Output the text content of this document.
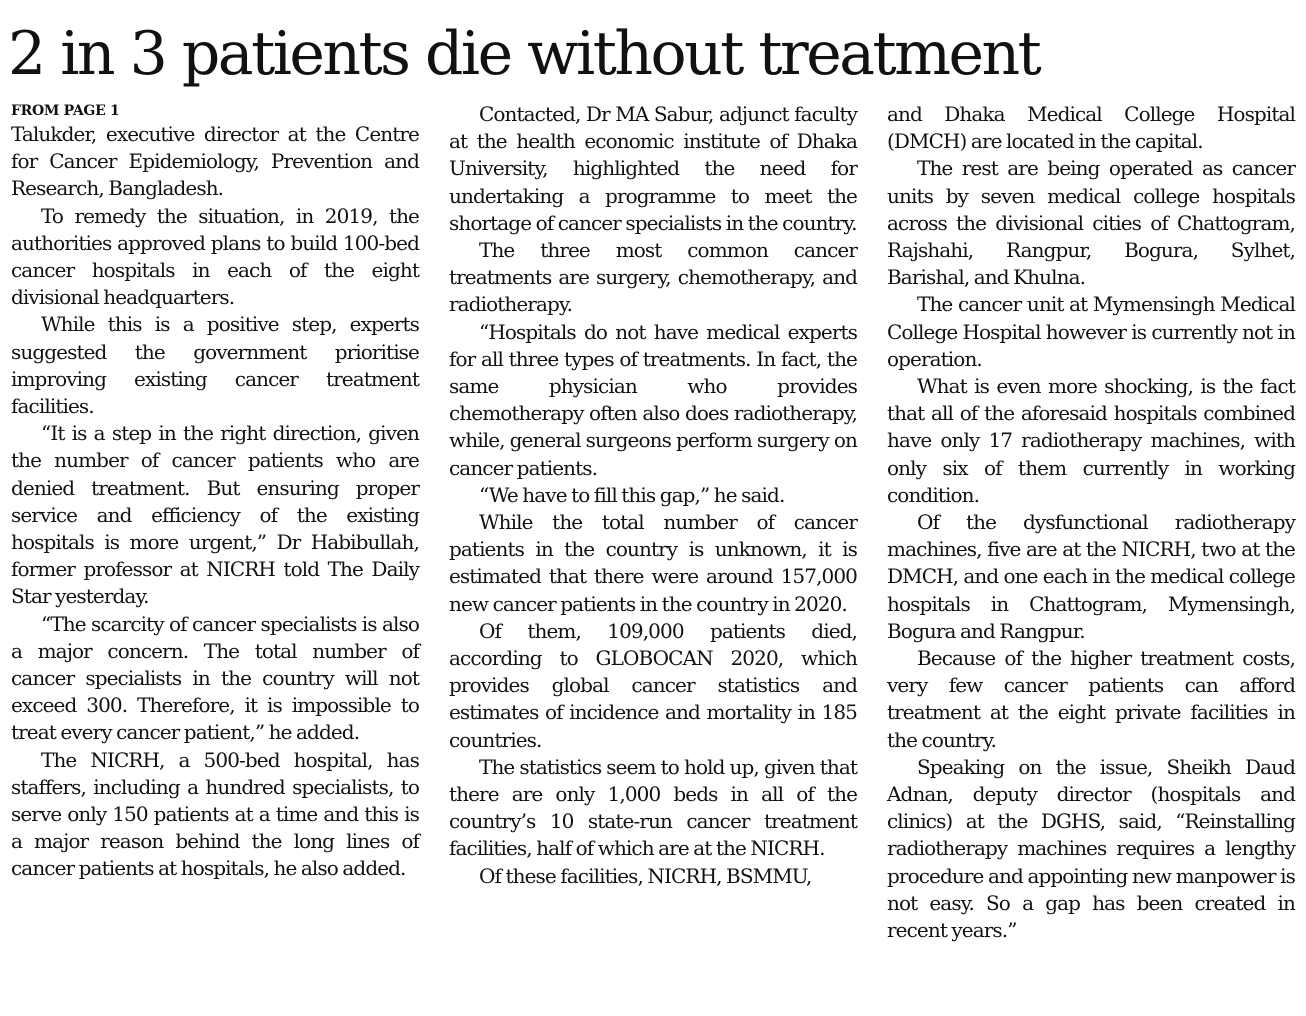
2 in 3 patients die without treatment
FROM PAGE 1

Talukder, executive director at the Centre for Cancer Epidemiology, Prevention and Research, Bangladesh.

To remedy the situation, in 2019, the authorities approved plans to build 100-bed cancer hospitals in each of the eight divisional headquarters.

While this is a positive step, experts suggested the government prioritise improving existing cancer treatment facilities.

“It is a step in the right direction, given the number of cancer patients who are denied treatment. But ensuring proper service and efficiency of the existing hospitals is more urgent,” Dr Habibullah, former professor at NICRH told The Daily Star yesterday.

“The scarcity of cancer specialists is also a major concern. The total number of cancer specialists in the country will not exceed 300. Therefore, it is impossible to treat every cancer patient,” he added.

The NICRH, a 500-bed hospital, has staffers, including a hundred specialists, to serve only 150 patients at a time and this is a major reason behind the long lines of cancer patients at hospitals, he also added.

Contacted, Dr MA Sabur, adjunct faculty at the health economic institute of Dhaka University, highlighted the need for undertaking a programme to meet the shortage of cancer specialists in the country.

The three most common cancer treatments are surgery, chemotherapy, and radiotherapy.

“Hospitals do not have medical experts for all three types of treatments. In fact, the same physician who provides chemotherapy often also does radiotherapy, while, general surgeons perform surgery on cancer patients.

“We have to fill this gap,” he said.

While the total number of cancer patients in the country is unknown, it is estimated that there were around 157,000 new cancer patients in the country in 2020.

Of them, 109,000 patients died, according to GLOBOCAN 2020, which provides global cancer statistics and estimates of incidence and mortality in 185 countries.

The statistics seem to hold up, given that there are only 1,000 beds in all of the country’s 10 state-run cancer treatment facilities, half of which are at the NICRH.

Of these facilities, NICRH, BSMMU,

and Dhaka Medical College Hospital (DMCH) are located in the capital.

The rest are being operated as cancer units by seven medical college hospitals across the divisional cities of Chattogram, Rajshahi, Rangpur, Bogura, Sylhet, Barishal, and Khulna.

The cancer unit at Mymensingh Medical College Hospital however is currently not in operation.

What is even more shocking, is the fact that all of the aforesaid hospitals combined have only 17 radiotherapy machines, with only six of them currently in working condition.

Of the dysfunctional radiotherapy machines, five are at the NICRH, two at the DMCH, and one each in the medical college hospitals in Chattogram, Mymensingh, Bogura and Rangpur.

Because of the higher treatment costs, very few cancer patients can afford treatment at the eight private facilities in the country.

Speaking on the issue, Sheikh Daud Adnan, deputy director (hospitals and clinics) at the DGHS, said, “Reinstalling radiotherapy machines requires a lengthy procedure and appointing new manpower is not easy. So a gap has been created in recent years.”
